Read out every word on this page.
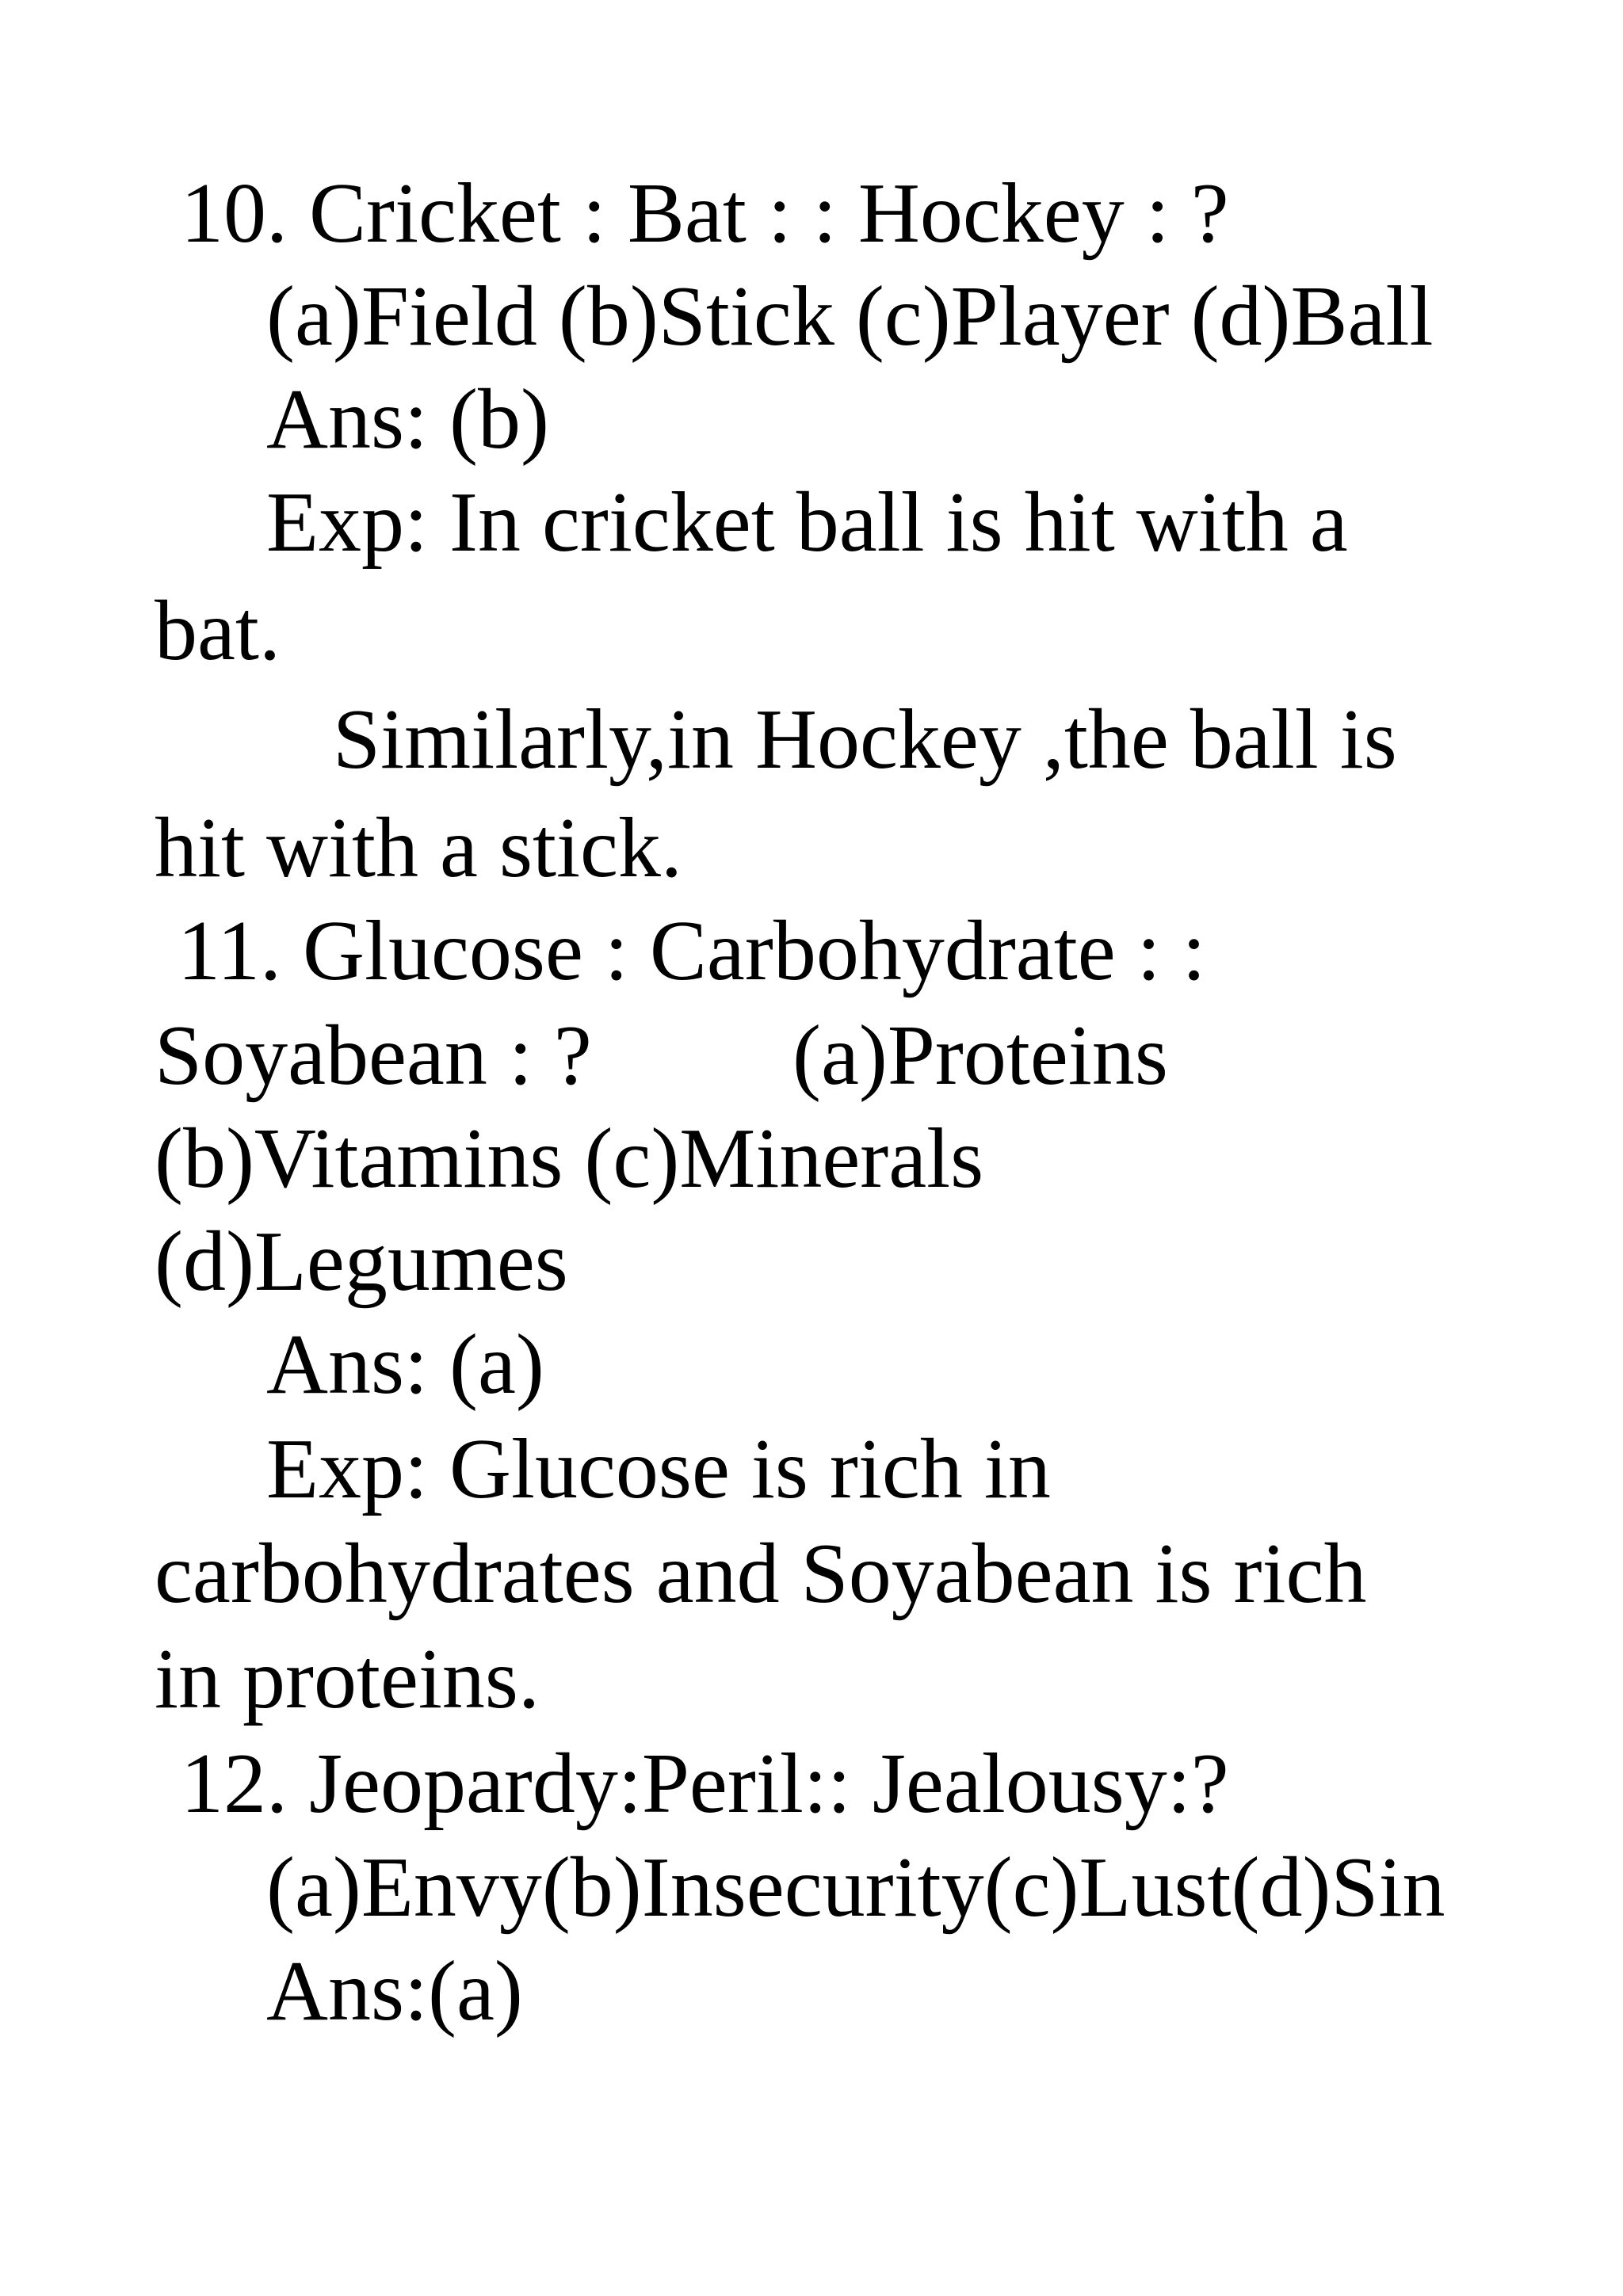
10. Cricket : Bat : : Hockey : ?
(a)Field (b)Stick (c)Player (d)Ball
Ans: (b)
Exp: In cricket ball is hit with a
bat.
Similarly,in Hockey ,the ball is
hit with a stick.
11. Glucose : Carbohydrate : :
Soyabean : ? (a)Proteins
(b)Vitamins (c)Minerals
(d)Legumes
Ans: (a)
Exp: Glucose is rich in
carbohydrates and Soyabean is rich
in proteins.
12. Jeopardy:Peril:: Jealousy:?
(a)Envy(b)Insecurity(c)Lust(d)Sin
Ans:(a)
